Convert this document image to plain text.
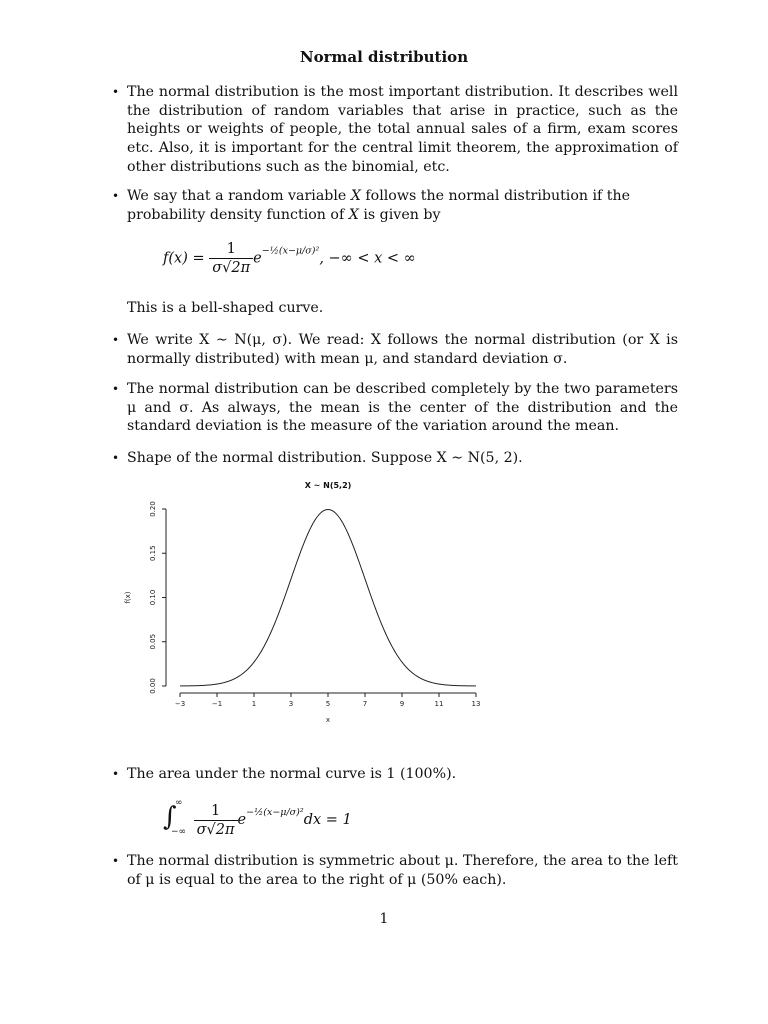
Normal distribution
• The normal distribution is the most important distribution. It describes well the distribution of random variables that arise in practice, such as the heights or weights of people, the total annual sales of a firm, exam scores etc. Also, it is important for the central limit theorem, the approximation of other distributions such as the binomial, etc.

• We say that a random variable X follows the normal distribution if the probability density function of X is given by

$f(x) = \frac{1}{\sigma√2\pi} e^{-\frac{1}{2}(x-\mu/\sigma)^2}$, −∞ < x < ∞

This is a bell-shaped curve.

• We write X ∼ N(μ, σ). We read: X follows the normal distribution (or X is normally distributed) with mean μ, and standard deviation σ.

• The normal distribution can be described completely by the two parameters μ and σ. As always, the mean is the center of the distribution and the standard deviation is the measure of the variation around the mean.

• Shape of the normal distribution. Suppose X ∼ N(5, 2).

X ~ N(5,2)
−3	−1	1	3	5	7	9	11	13
x
0.00
0.05
0.10
0.15
0.20
f(x)
• The area under the normal curve is 1 (100%).

∫
∞
−∞
$\frac{1}{\sigma√2\pi} e^{-\frac{1}{2}(x-\mu/\sigma)^2}dx = 1$
• The normal distribution is symmetric about μ. Therefore, the area to the left of μ is equal to the area to the right of μ (50% each).

1
